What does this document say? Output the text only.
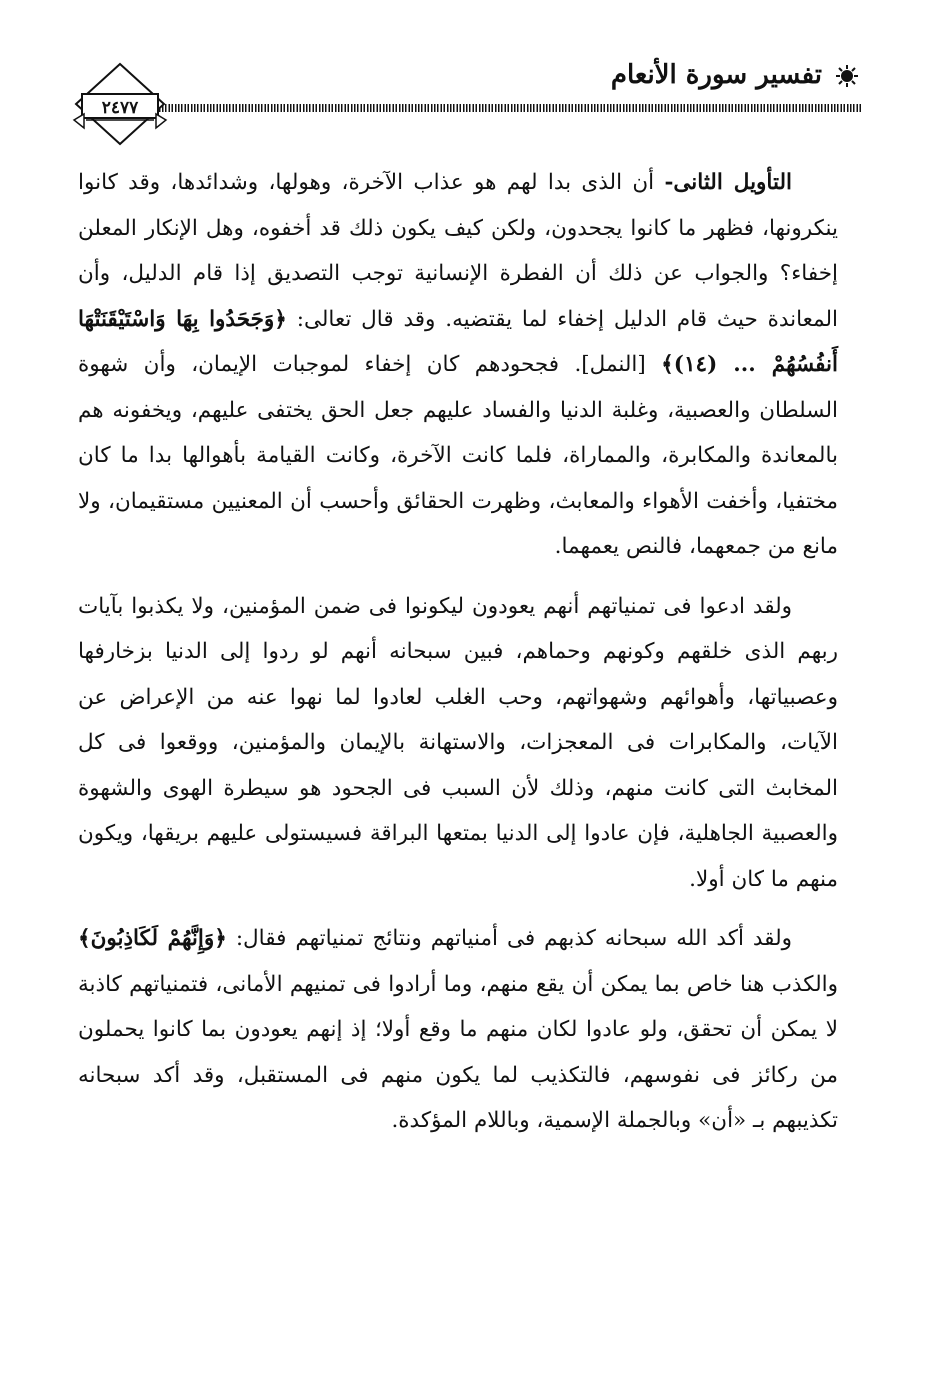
تفسير سورة الأنعام
٢٤٧٧

التأويل الثانى- أن الذى بدا لهم هو عذاب الآخرة، وهولها، وشدائدها، وقد كانوا ينكرونها، فظهر ما كانوا يجحدون، ولكن كيف يكون ذلك قد أخفوه، وهل الإنكار المعلن إخفاء؟ والجواب عن ذلك أن الفطرة الإنسانية توجب التصديق إذا قام الدليل، وأن المعاندة حيث قام الدليل إخفاء لما يقتضيه. وقد قال تعالى: ﴿وَجَحَدُوا بِهَا وَاسْتَيْقَنَتْهَا أَنفُسُهُمْ ... (١٤)﴾ [النمل]. فجحودهم كان إخفاء لموجبات الإيمان، وأن شهوة السلطان والعصبية، وغلبة الدنيا والفساد عليهم جعل الحق يختفى عليهم، ويخفونه هم بالمعاندة والمكابرة، والمماراة، فلما كانت الآخرة، وكانت القيامة بأهوالها بدا ما كان مختفيا، وأخفت الأهواء والمعابث، وظهرت الحقائق وأحسب أن المعنيين مستقيمان، ولا مانع من جمعهما، فالنص يعمهما.

ولقد ادعوا فى تمنياتهم أنهم يعودون ليكونوا فى ضمن المؤمنين، ولا يكذبوا بآيات ربهم الذى خلقهم وكونهم وحماهم، فبين سبحانه أنهم لو ردوا إلى الدنيا بزخارفها وعصبياتها، وأهوائهم وشهواتهم، وحب الغلب لعادوا لما نهوا عنه من الإعراض عن الآيات، والمكابرات فى المعجزات، والاستهانة بالإيمان والمؤمنين، ووقعوا فى كل المخابث التى كانت منهم، وذلك لأن السبب فى الجحود هو سيطرة الهوى والشهوة والعصبية الجاهلية، فإن عادوا إلى الدنيا بمتعها البراقة فسيستولى عليهم بريقها، ويكون منهم ما كان أولا.

ولقد أكد الله سبحانه كذبهم فى أمنياتهم ونتائج تمنياتهم فقال: ﴿وَإِنَّهُمْ لَكَاذِبُونَ﴾ والكذب هنا خاص بما يمكن أن يقع منهم، وما أرادوا فى تمنيهم الأمانى، فتمنياتهم كاذبة لا يمكن أن تحقق، ولو عادوا لكان منهم ما وقع أولا؛ إذ إنهم يعودون بما كانوا يحملون من ركائز فى نفوسهم، فالتكذيب لما يكون منهم فى المستقبل، وقد أكد سبحانه تكذيبهم بـ «أن» وبالجملة الإسمية، وباللام المؤكدة.
